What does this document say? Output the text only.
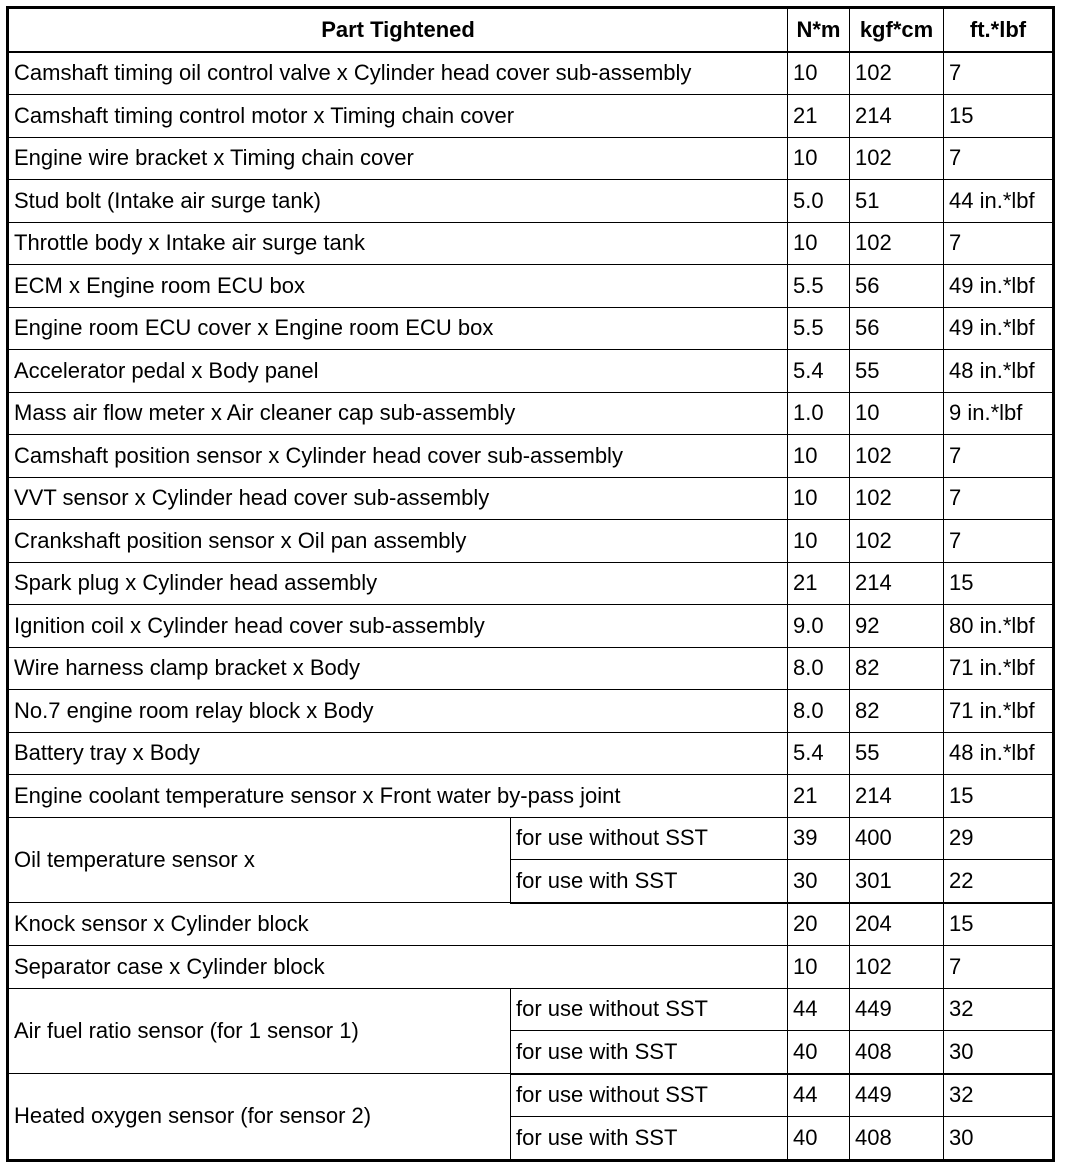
Part Tightened		N*m	kgf*cm	ft.*lbf
Camshaft timing oil control valve x Cylinder head cover sub-assembly		10	102	7
Camshaft timing control motor x Timing chain cover		21	214	15
Engine wire bracket x Timing chain cover		10	102	7
Stud bolt (Intake air surge tank)		5.0	51	44 in.*lbf
Throttle body x Intake air surge tank		10	102	7
ECM x Engine room ECU box		5.5	56	49 in.*lbf
Engine room ECU cover x Engine room ECU box		5.5	56	49 in.*lbf
Accelerator pedal x Body panel		5.4	55	48 in.*lbf
Mass air flow meter x Air cleaner cap sub-assembly		1.0	10	9 in.*lbf
Camshaft position sensor x Cylinder head cover sub-assembly		10	102	7
VVT sensor x Cylinder head cover sub-assembly		10	102	7
Crankshaft position sensor x Oil pan assembly		10	102	7
Spark plug x Cylinder head assembly		21	214	15
Ignition coil x Cylinder head cover sub-assembly		9.0	92	80 in.*lbf
Wire harness clamp bracket x Body		8.0	82	71 in.*lbf
No.7 engine room relay block x Body		8.0	82	71 in.*lbf
Battery tray x Body		5.4	55	48 in.*lbf
Engine coolant temperature sensor x Front water by-pass joint		21	214	15
Oil temperature sensor x	for use without SST	39	400	29
	for use with SST	30	301	22
Knock sensor x Cylinder block		20	204	15
Separator case x Cylinder block		10	102	7
Air fuel ratio sensor (for 1 sensor 1)	for use without SST	44	449	32
	for use with SST	40	408	30
Heated oxygen sensor (for sensor 2)	for use without SST	44	449	32
	for use with SST	40	408	30
